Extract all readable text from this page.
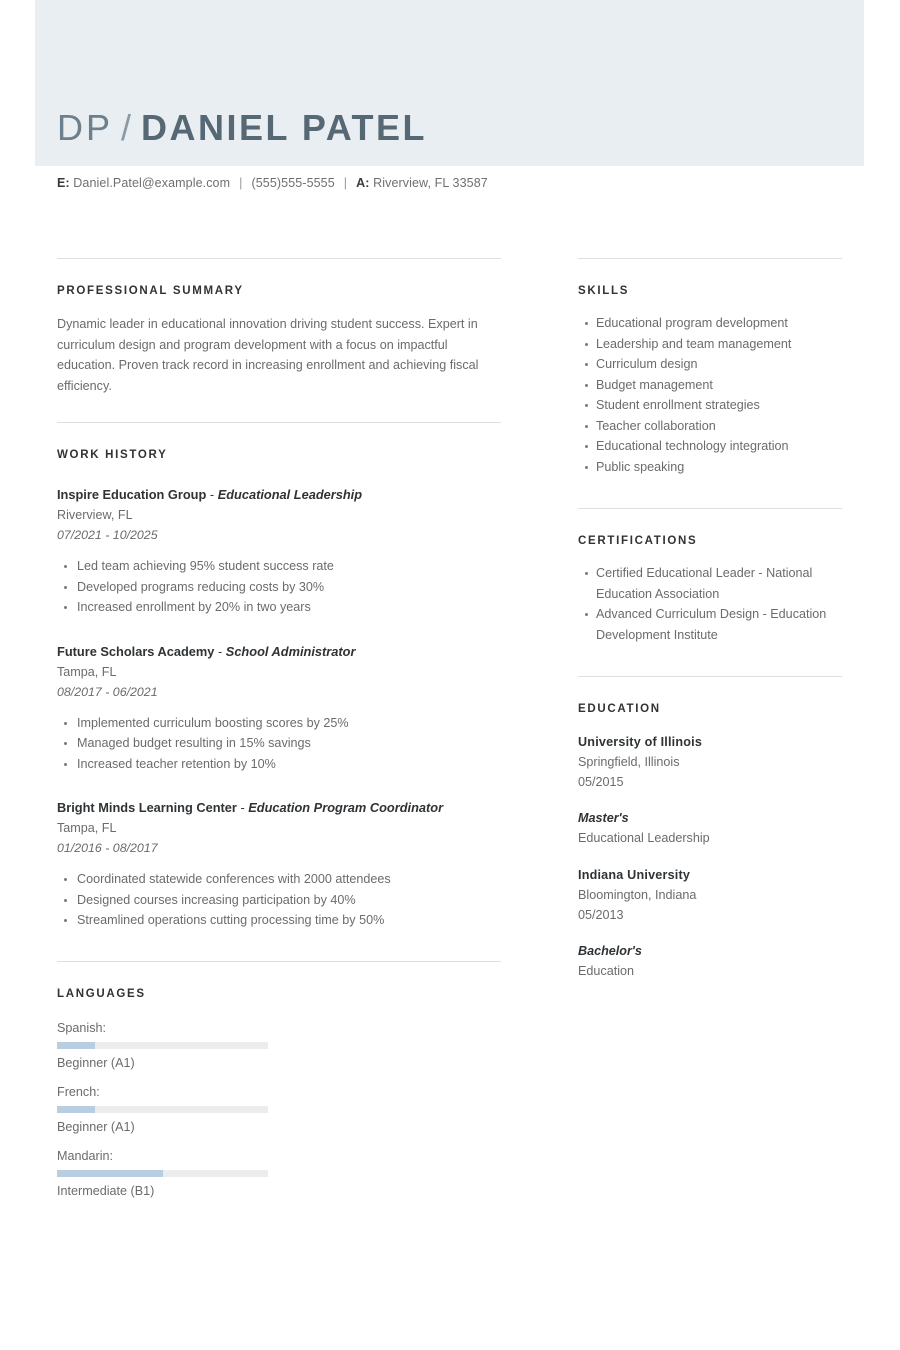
DP / DANIEL PATEL
E: Daniel.Patel@example.com | (555)555-5555 | A: Riverview, FL 33587
PROFESSIONAL SUMMARY
Dynamic leader in educational innovation driving student success. Expert in curriculum design and program development with a focus on impactful education. Proven track record in increasing enrollment and achieving fiscal efficiency.
WORK HISTORY
Inspire Education Group - Educational Leadership
Riverview, FL
07/2021 - 10/2025
Led team achieving 95% student success rate
Developed programs reducing costs by 30%
Increased enrollment by 20% in two years
Future Scholars Academy - School Administrator
Tampa, FL
08/2017 - 06/2021
Implemented curriculum boosting scores by 25%
Managed budget resulting in 15% savings
Increased teacher retention by 10%
Bright Minds Learning Center - Education Program Coordinator
Tampa, FL
01/2016 - 08/2017
Coordinated statewide conferences with 2000 attendees
Designed courses increasing participation by 40%
Streamlined operations cutting processing time by 50%
LANGUAGES
Spanish:
Beginner (A1)
French:
Beginner (A1)
Mandarin:
Intermediate (B1)
SKILLS
Educational program development
Leadership and team management
Curriculum design
Budget management
Student enrollment strategies
Teacher collaboration
Educational technology integration
Public speaking
CERTIFICATIONS
Certified Educational Leader - National Education Association
Advanced Curriculum Design - Education Development Institute
EDUCATION
University of Illinois
Springfield, Illinois
05/2015
Master's
Educational Leadership
Indiana University
Bloomington, Indiana
05/2013
Bachelor's
Education
